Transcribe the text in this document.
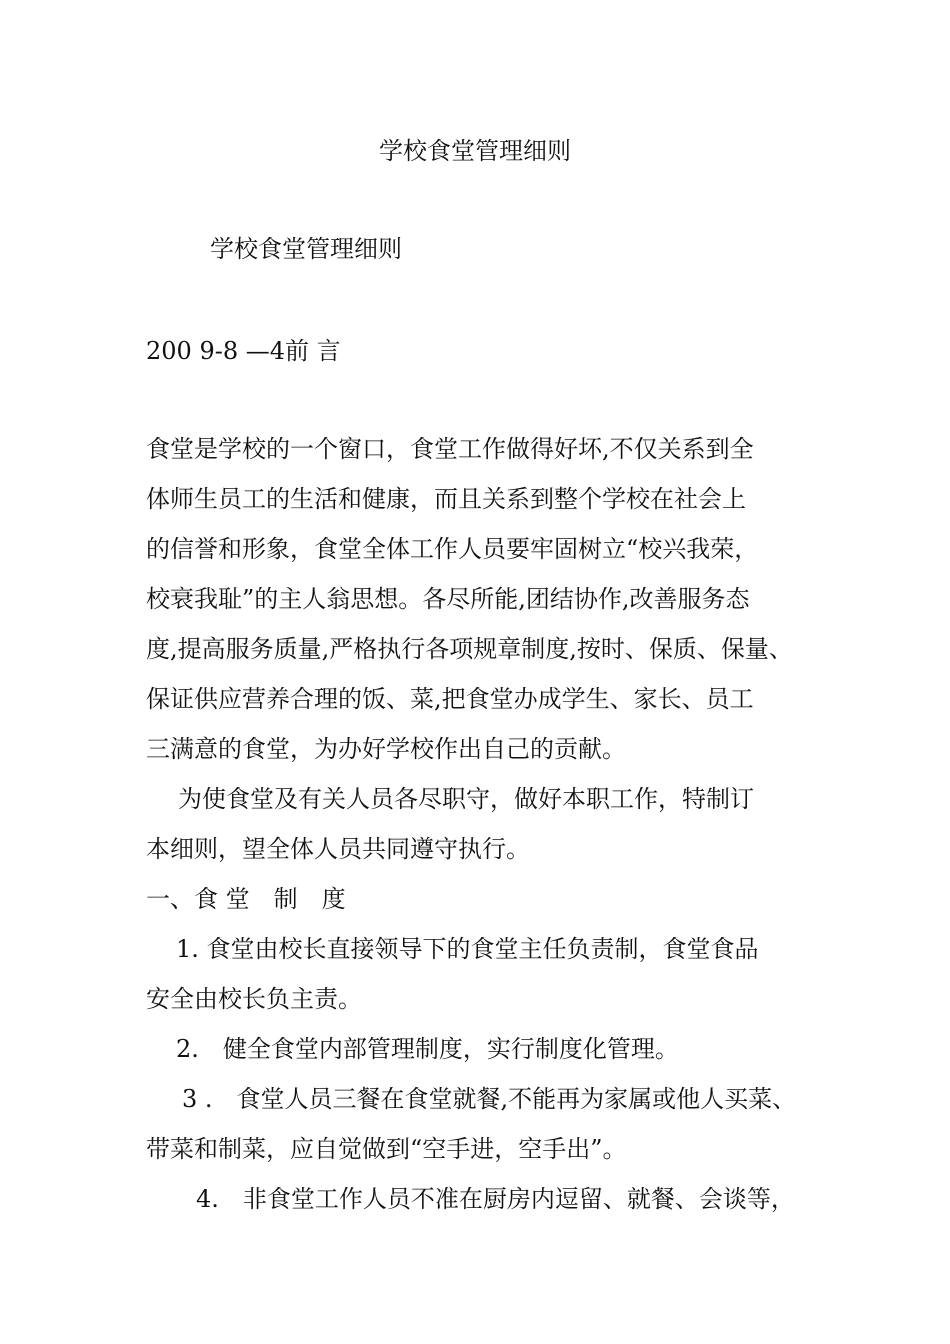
学校食堂管理细则
学校食堂管理细则
200 9-8 —4前 言
食堂是学校的一个窗口，食堂工作做得好坏,不仅关系到全
体师生员工的生活和健康，而且关系到整个学校在社会上
的信誉和形象，食堂全体工作人员要牢固树立“校兴我荣，
校衰我耻”的主人翁思想。各尽所能,团结协作,改善服务态
度,提高服务质量,严格执行各项规章制度,按时、保质、保量、
保证供应营养合理的饭、菜,把食堂办成学生、家长、员工
三满意的食堂，为办好学校作出自己的贡献。
为使食堂及有关人员各尽职守，做好本职工作，特制订
本细则，望全体人员共同遵守执行。
一、食 堂　制　度
1. 食堂由校长直接领导下的食堂主任负责制，食堂食品
安全由校长负主责。
2.　健全食堂内部管理制度，实行制度化管理。
3 .　食堂人员三餐在食堂就餐,不能再为家属或他人买菜、
带菜和制菜，应自觉做到“空手进，空手出”。
4.　非食堂工作人员不准在厨房内逗留、就餐、会谈等，
